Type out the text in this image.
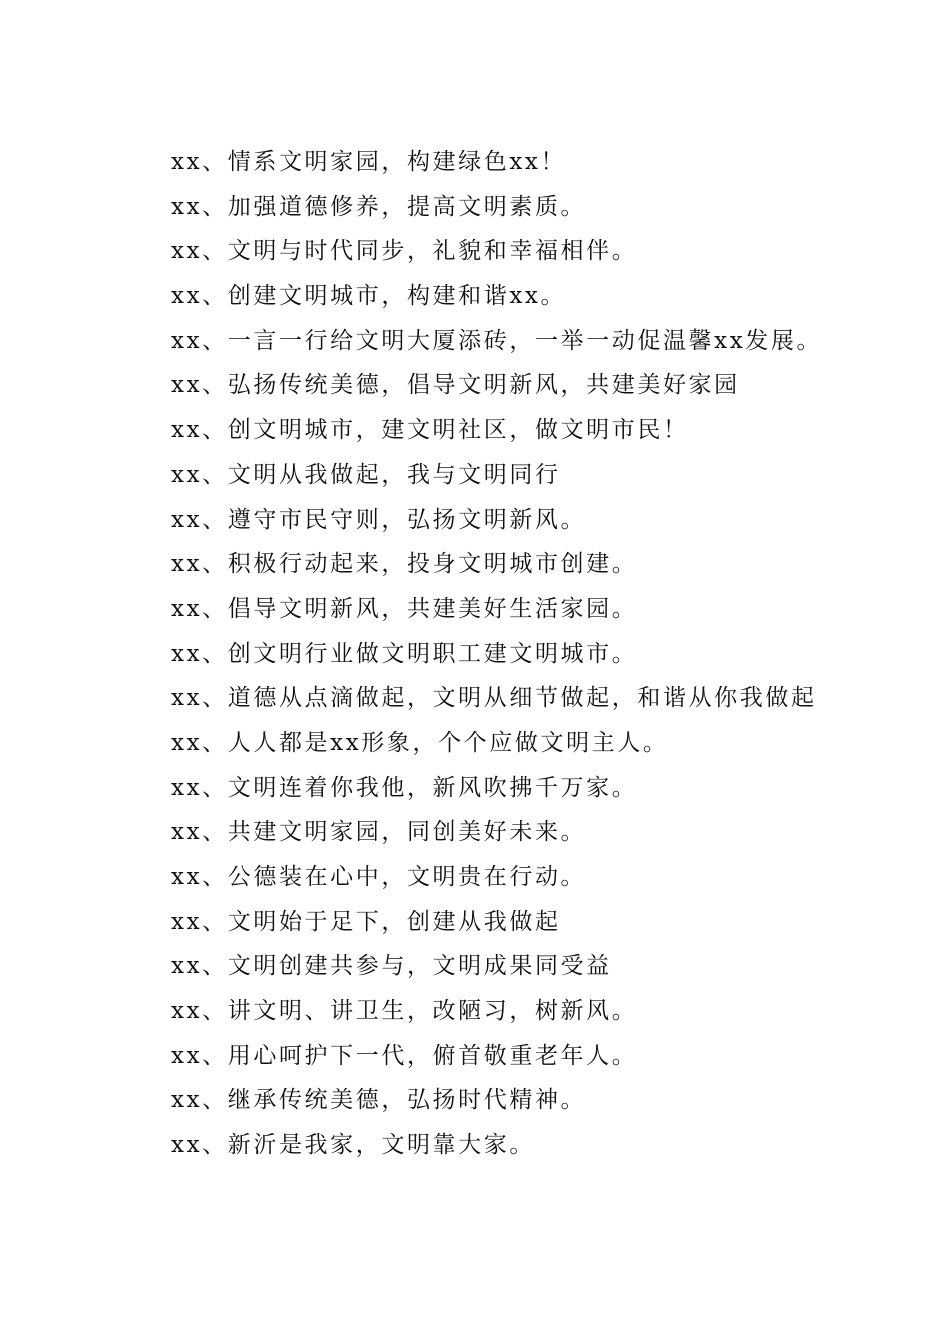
xx、情系文明家园，构建绿色xx！
xx、加强道德修养，提高文明素质。
xx、文明与时代同步，礼貌和幸福相伴。
xx、创建文明城市，构建和谐xx。
xx、一言一行给文明大厦添砖，一举一动促温馨xx发展。
xx、弘扬传统美德，倡导文明新风，共建美好家园
xx、创文明城市，建文明社区，做文明市民！
xx、文明从我做起，我与文明同行
xx、遵守市民守则，弘扬文明新风。
xx、积极行动起来，投身文明城市创建。
xx、倡导文明新风，共建美好生活家园。
xx、创文明行业做文明职工建文明城市。
xx、道德从点滴做起，文明从细节做起，和谐从你我做起
xx、人人都是xx形象，个个应做文明主人。
xx、文明连着你我他，新风吹拂千万家。
xx、共建文明家园，同创美好未来。
xx、公德装在心中，文明贵在行动。
xx、文明始于足下，创建从我做起
xx、文明创建共参与，文明成果同受益
xx、讲文明、讲卫生，改陋习，树新风。
xx、用心呵护下一代，俯首敬重老年人。
xx、继承传统美德，弘扬时代精神。
xx、新沂是我家，文明靠大家。
